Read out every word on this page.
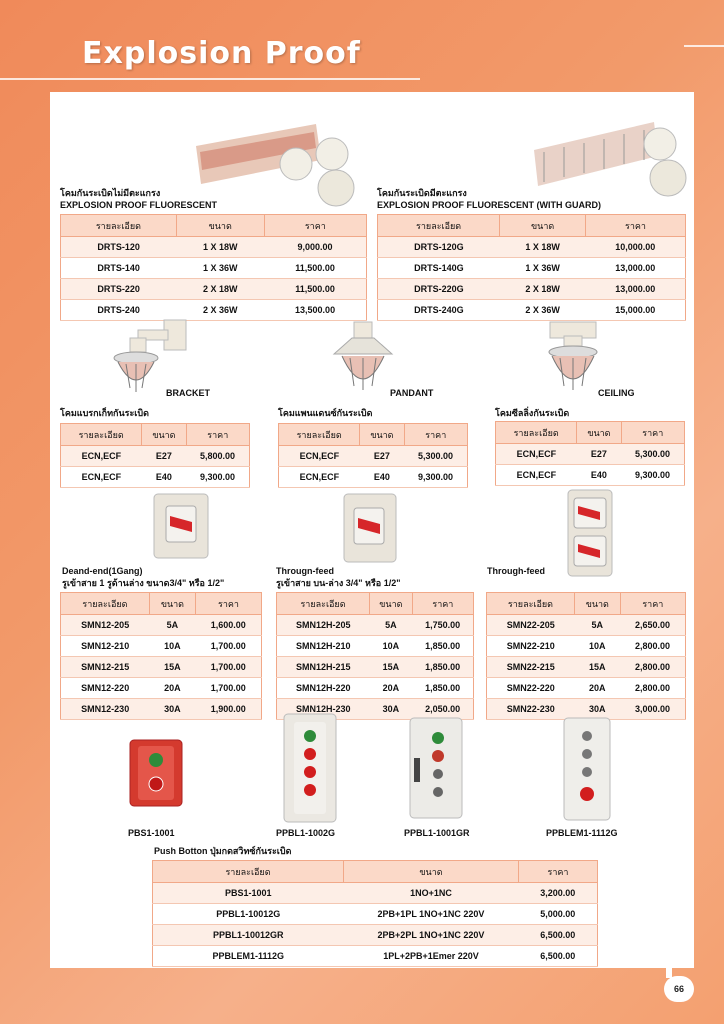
Explosion Proof
โคมกันระเบิดไม่มีตะแกรง
EXPLOSION PROOF FLUORESCENT
รายละเอียด	ขนาด	ราคา
DRTS-120	1 X 18W	9,000.00
DRTS-140	1 X 36W	11,500.00
DRTS-220	2 X 18W	11,500.00
DRTS-240	2 X 36W	13,500.00
โคมกันระเบิดมีตะแกรง
EXPLOSION PROOF FLUORESCENT (WITH GUARD)
รายละเอียด	ขนาด	ราคา
DRTS-120G	1 X 18W	10,000.00
DRTS-140G	1 X 36W	13,000.00
DRTS-220G	2 X 18W	13,000.00
DRTS-240G	2 X 36W	15,000.00
BRACKET	PANDANT	CEILING
โคมแบรกเก็ทกันระเบิด	โคมแพนแดนซ์กันระเบิด	โคมซีลลิ่งกันระเบิด
รายละเอียด	ขนาด	ราคา
ECN,ECF	E27	5,800.00
ECN,ECF	E40	9,300.00
รายละเอียด	ขนาด	ราคา
ECN,ECF	E27	5,300.00
ECN,ECF	E40	9,300.00
รายละเอียด	ขนาด	ราคา
ECN,ECF	E27	5,300.00
ECN,ECF	E40	9,300.00
Deand-end(1Gang)
รูเข้าสาย 1 รูด้านล่าง ขนาด3/4" หรือ 1/2"
Througn-feed
รูเข้าสาย บน-ล่าง 3/4" หรือ 1/2"
Through-feed
รายละเอียด	ขนาด	ราคา
SMN12-205	5A	1,600.00
SMN12-210	10A	1,700.00
SMN12-215	15A	1,700.00
SMN12-220	20A	1,700.00
SMN12-230	30A	1,900.00
รายละเอียด	ขนาด	ราคา
SMN12H-205	5A	1,750.00
SMN12H-210	10A	1,850.00
SMN12H-215	15A	1,850.00
SMN12H-220	20A	1,850.00
SMN12H-230	30A	2,050.00
รายละเอียด	ขนาด	ราคา
SMN22-205	5A	2,650.00
SMN22-210	10A	2,800.00
SMN22-215	15A	2,800.00
SMN22-220	20A	2,800.00
SMN22-230	30A	3,000.00
PBS1-1001	PPBL1-1002G	PPBL1-1001GR	PPBLEM1-1112G
Push Botton ปุ่มกดสวิทซ์กันระเบิด
รายละเอียด	ขนาด	ราคา
PBS1-1001	1NO+1NC	3,200.00
PPBL1-10012G	2PB+1PL 1NO+1NC 220V	5,000.00
PPBL1-10012GR	2PB+2PL 1NO+1NC 220V	6,500.00
PPBLEM1-1112G	1PL+2PB+1Emer 220V	6,500.00
66
